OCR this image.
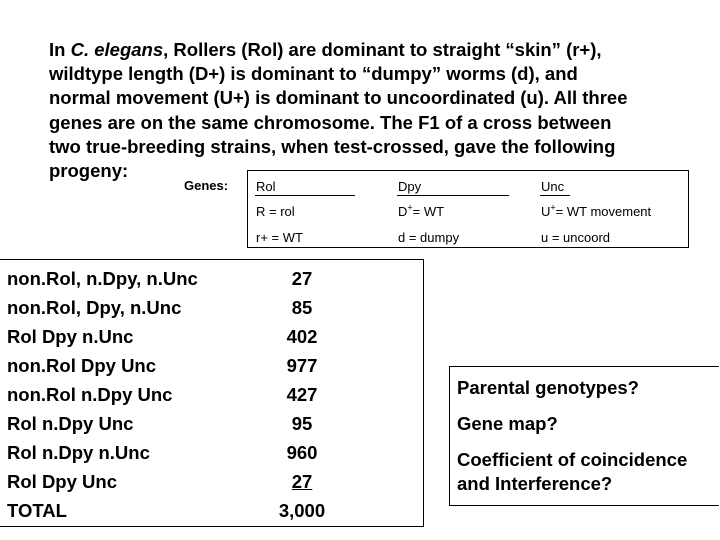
In C. elegans, Rollers (Rol) are dominant to straight “skin” (r+),
wildtype length (D+) is dominant to “dumpy” worms (d), and
normal movement (U+) is dominant to uncoordinated (u). All three
genes are on the same chromosome. The F1 of a cross between
two true-breeding strains, when test-crossed, gave the following
progeny:
Genes: Rol	Dpy	Unc
R = rol	D+= WT	U+= WT movement
r+ = WT	d = dumpy	u = uncoord
non.Rol, n.Dpy, n.Unc	27
non.Rol, Dpy, n.Unc	85
Rol Dpy n.Unc	402
non.Rol Dpy Unc	977
non.Rol n.Dpy Unc	427
Rol n.Dpy Unc	95
Rol n.Dpy n.Unc	960
Rol Dpy Unc	27
TOTAL	3,000
Parental genotypes?
Gene map?
Coefficient of coincidence
and Interference?
